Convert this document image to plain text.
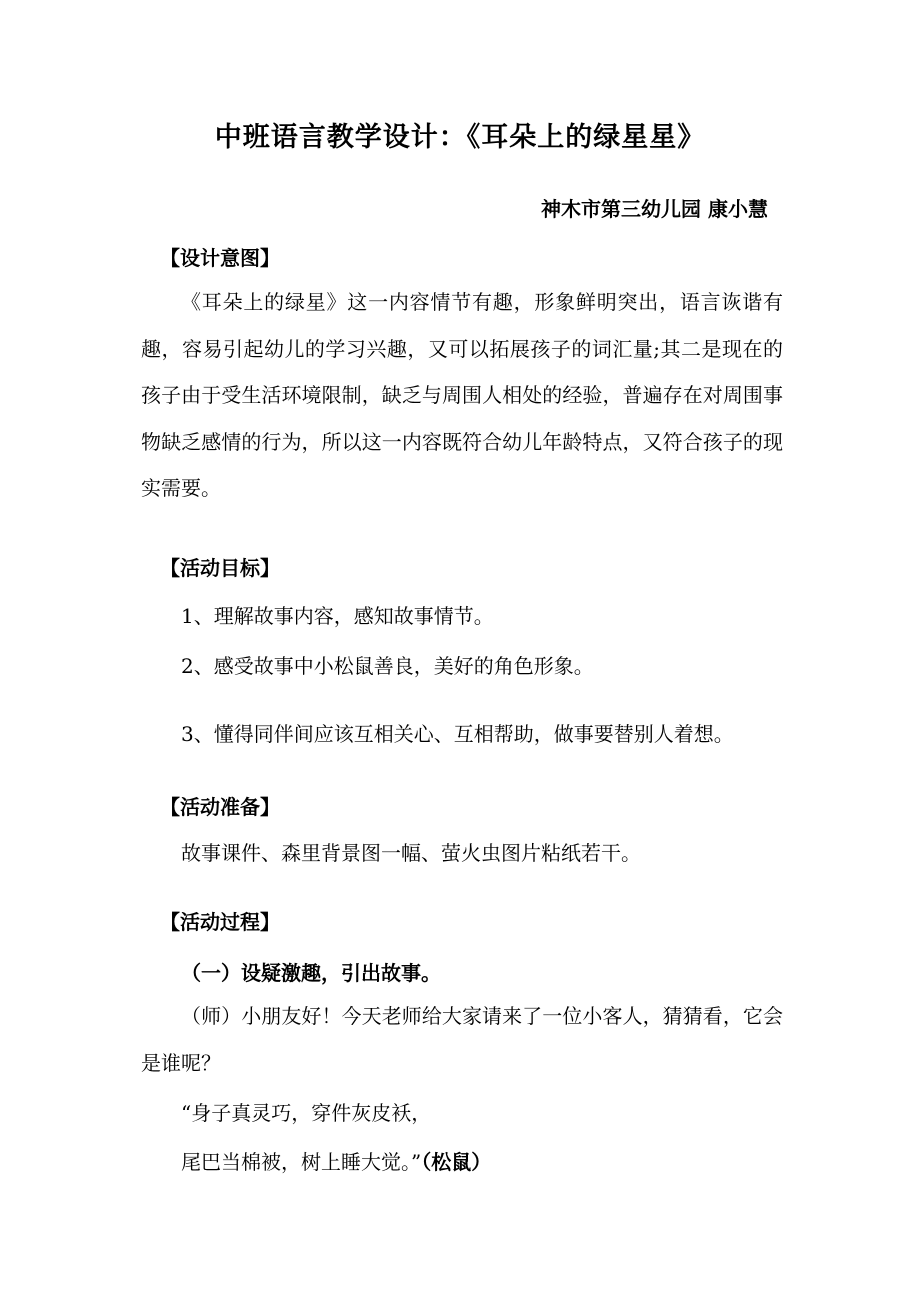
中班语言教学设计：《耳朵上的绿星星》
神木市第三幼儿园 康小慧
【设计意图】

《耳朵上的绿星》这一内容情节有趣，形象鲜明突出，语言诙谐有趣，容易引起幼儿的学习兴趣，又可以拓展孩子的词汇量;其二是现在的孩子由于受生活环境限制，缺乏与周围人相处的经验，普遍存在对周围事物缺乏感情的行为，所以这一内容既符合幼儿年龄特点，又符合孩子的现实需要。

【活动目标】
1、理解故事内容，感知故事情节。
2、感受故事中小松鼠善良，美好的角色形象。
3、懂得同伴间应该互相关心、互相帮助，做事要替别人着想。
【活动准备】
故事课件、森里背景图一幅、萤火虫图片粘纸若干。
【活动过程】
（一）设疑激趣，引出故事。

（师）小朋友好！今天老师给大家请来了一位小客人，猜猜看，它会是谁呢？

“身子真灵巧，穿件灰皮袄，
尾巴当棉被，树上睡大觉。”（松鼠）
